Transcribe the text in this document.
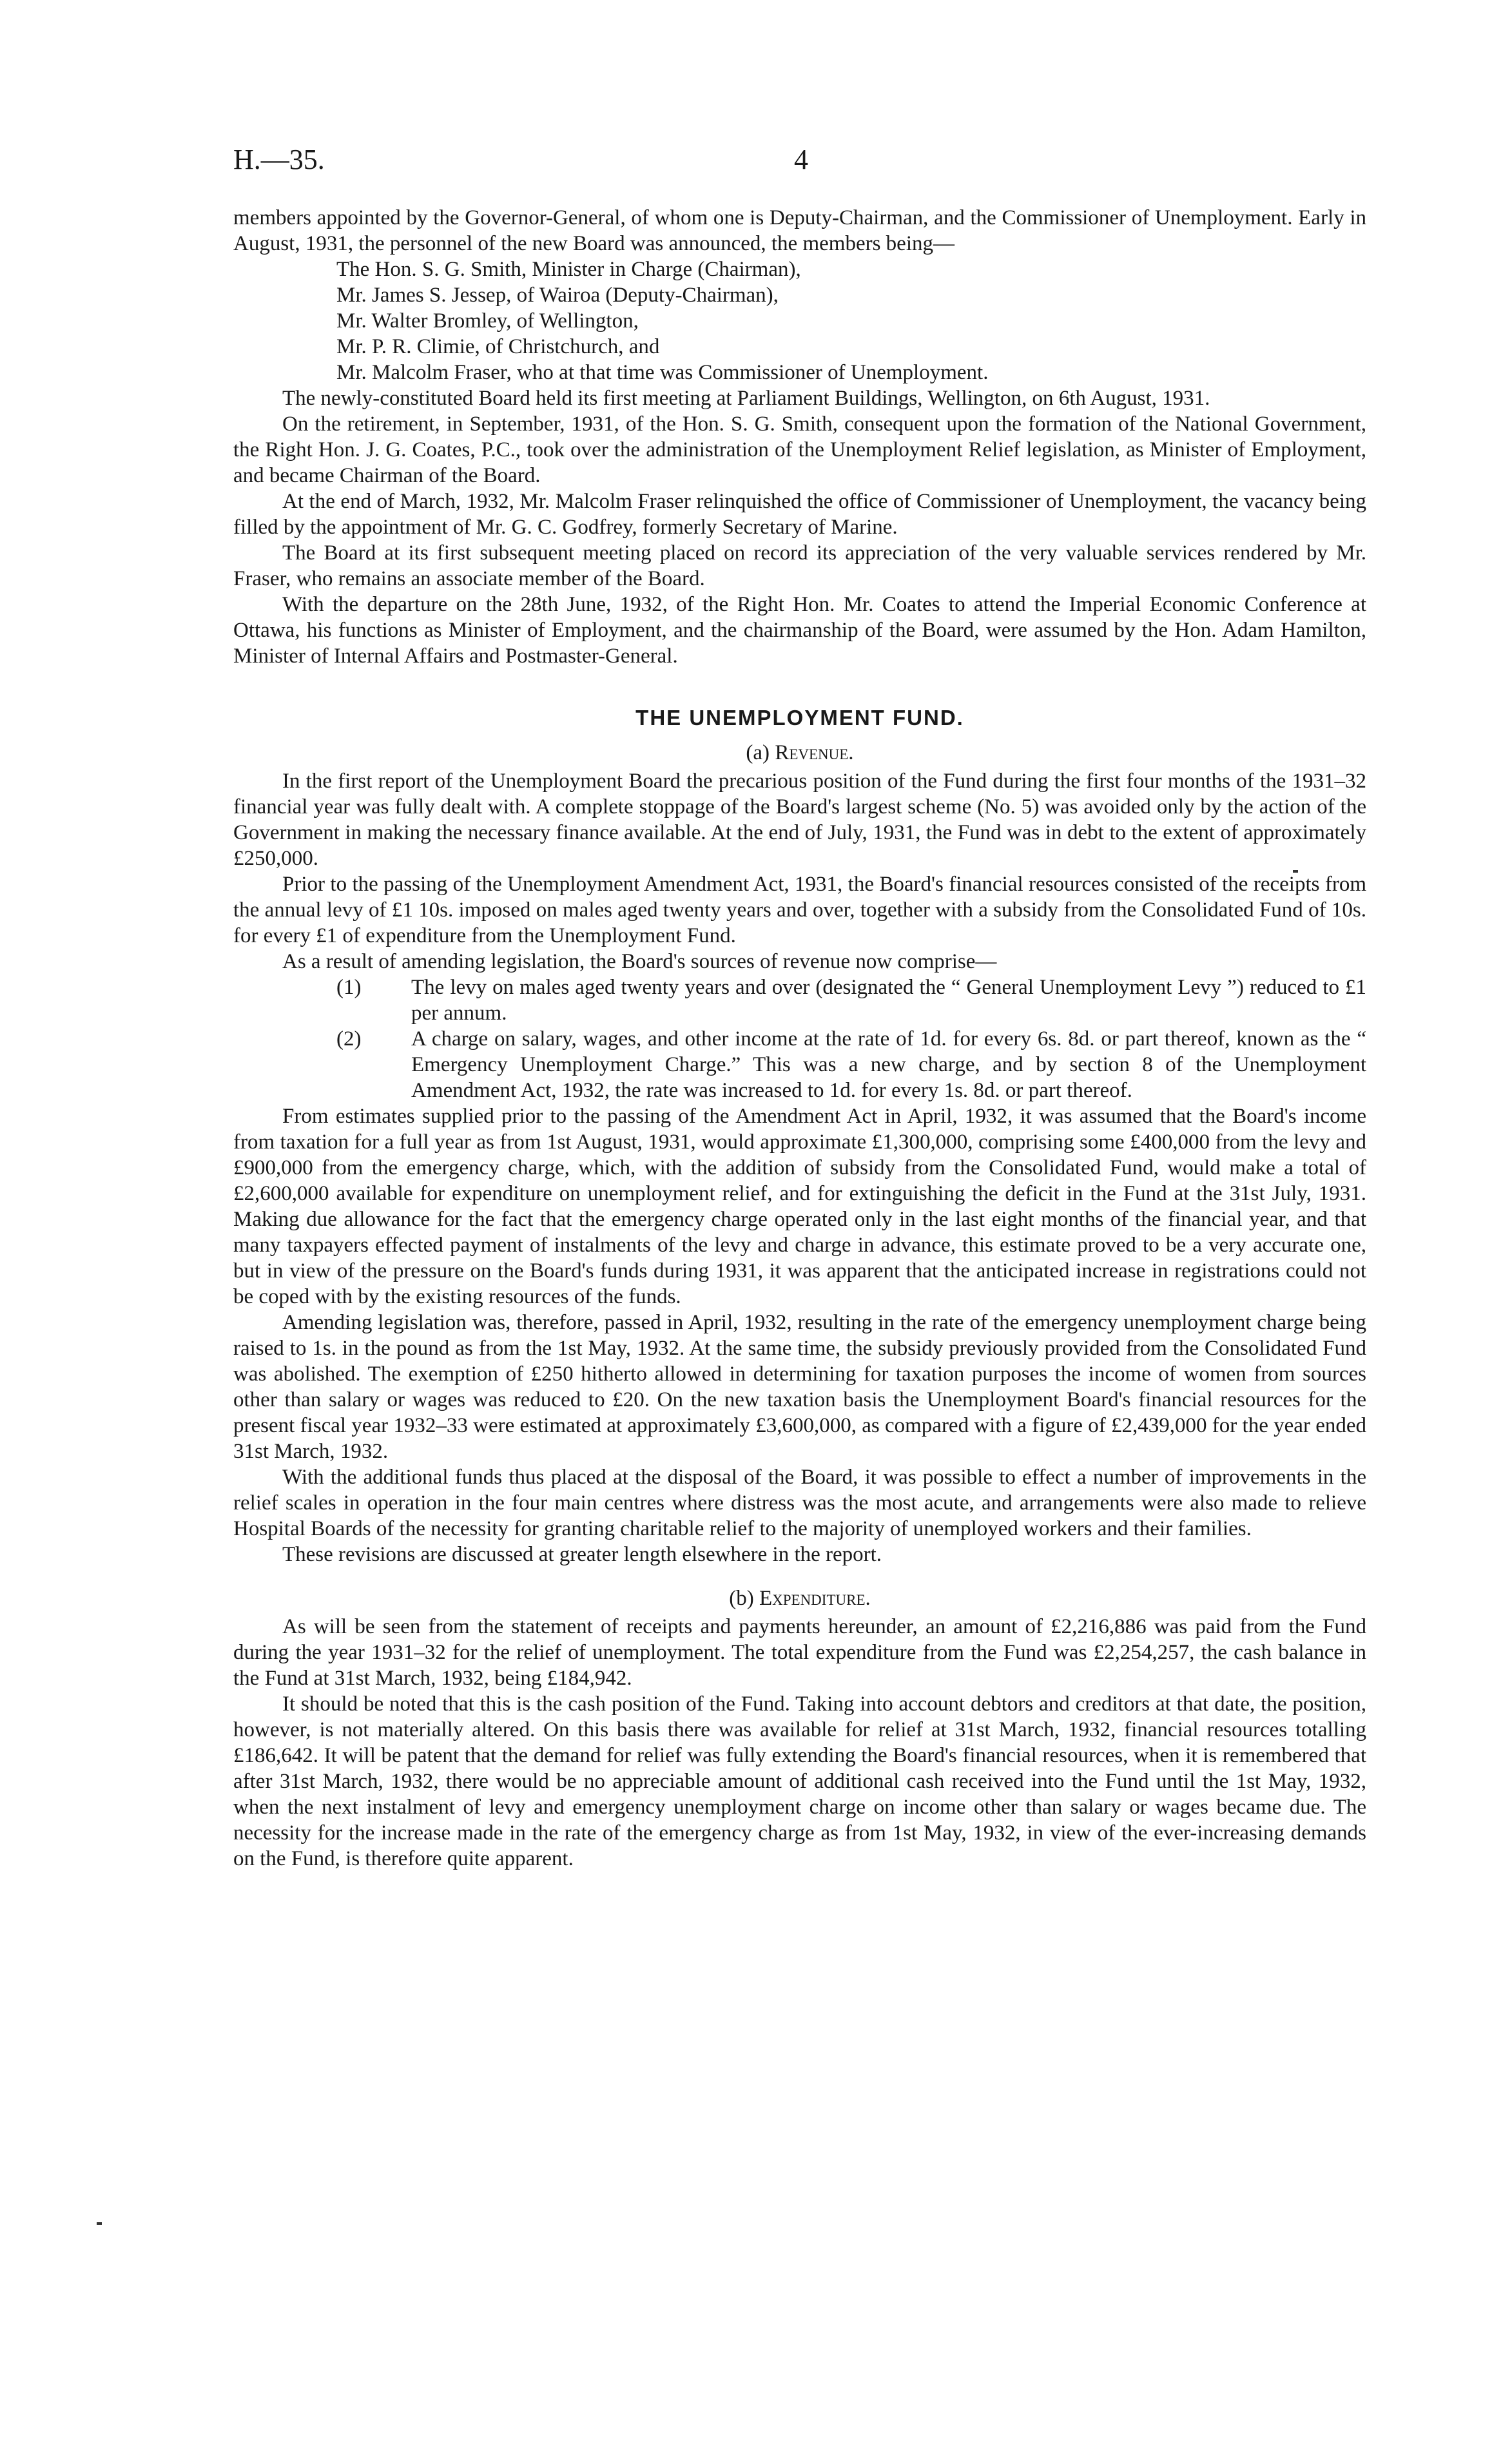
H.—35.	4

members appointed by the Governor-General, of whom one is Deputy-Chairman, and the Commissioner of Unemployment. Early in August, 1931, the personnel of the new Board was announced, the members being—

The Hon. S. G. Smith, Minister in Charge (Chairman),
Mr. James S. Jessep, of Wairoa (Deputy-Chairman),
Mr. Walter Bromley, of Wellington,
Mr. P. R. Climie, of Christchurch, and
Mr. Malcolm Fraser, who at that time was Commissioner of Unemployment.

The newly-constituted Board held its first meeting at Parliament Buildings, Wellington, on 6th August, 1931.

On the retirement, in September, 1931, of the Hon. S. G. Smith, consequent upon the formation of the National Government, the Right Hon. J. G. Coates, P.C., took over the administration of the Unemployment Relief legislation, as Minister of Employment, and became Chairman of the Board.

At the end of March, 1932, Mr. Malcolm Fraser relinquished the office of Commissioner of Unemployment, the vacancy being filled by the appointment of Mr. G. C. Godfrey, formerly Secretary of Marine.

The Board at its first subsequent meeting placed on record its appreciation of the very valuable services rendered by Mr. Fraser, who remains an associate member of the Board.

With the departure on the 28th June, 1932, of the Right Hon. Mr. Coates to attend the Imperial Economic Conference at Ottawa, his functions as Minister of Employment, and the chairmanship of the Board, were assumed by the Hon. Adam Hamilton, Minister of Internal Affairs and Postmaster-General.

THE UNEMPLOYMENT FUND.
(a) Revenue.

In the first report of the Unemployment Board the precarious position of the Fund during the first four months of the 1931–32 financial year was fully dealt with. A complete stoppage of the Board's largest scheme (No. 5) was avoided only by the action of the Government in making the necessary finance available. At the end of July, 1931, the Fund was in debt to the extent of approximately £250,000.

Prior to the passing of the Unemployment Amendment Act, 1931, the Board's financial resources consisted of the receipts from the annual levy of £1 10s. imposed on males aged twenty years and over, together with a subsidy from the Consolidated Fund of 10s. for every £1 of expenditure from the Unemployment Fund.

As a result of amending legislation, the Board's sources of revenue now comprise—

(1) The levy on males aged twenty years and over (designated the “ General Unemployment Levy ”) reduced to £1 per annum.
(2) A charge on salary, wages, and other income at the rate of 1d. for every 6s. 8d. or part thereof, known as the “ Emergency Unemployment Charge.” This was a new charge, and by section 8 of the Unemployment Amendment Act, 1932, the rate was increased to 1d. for every 1s. 8d. or part thereof.

From estimates supplied prior to the passing of the Amendment Act in April, 1932, it was assumed that the Board's income from taxation for a full year as from 1st August, 1931, would approximate £1,300,000, comprising some £400,000 from the levy and £900,000 from the emergency charge, which, with the addition of subsidy from the Consolidated Fund, would make a total of £2,600,000 available for expenditure on unemployment relief, and for extinguishing the deficit in the Fund at the 31st July, 1931. Making due allowance for the fact that the emergency charge operated only in the last eight months of the financial year, and that many taxpayers effected payment of instalments of the levy and charge in advance, this estimate proved to be a very accurate one, but in view of the pressure on the Board's funds during 1931, it was apparent that the anticipated increase in registrations could not be coped with by the existing resources of the funds.

Amending legislation was, therefore, passed in April, 1932, resulting in the rate of the emergency unemployment charge being raised to 1s. in the pound as from the 1st May, 1932. At the same time, the subsidy previously provided from the Consolidated Fund was abolished. The exemption of £250 hitherto allowed in determining for taxation purposes the income of women from sources other than salary or wages was reduced to £20. On the new taxation basis the Unemployment Board's financial resources for the present fiscal year 1932–33 were estimated at approximately £3,600,000, as compared with a figure of £2,439,000 for the year ended 31st March, 1932.

With the additional funds thus placed at the disposal of the Board, it was possible to effect a number of improvements in the relief scales in operation in the four main centres where distress was the most acute, and arrangements were also made to relieve Hospital Boards of the necessity for granting charitable relief to the majority of unemployed workers and their families.

These revisions are discussed at greater length elsewhere in the report.

(b) Expenditure.

As will be seen from the statement of receipts and payments hereunder, an amount of £2,216,886 was paid from the Fund during the year 1931–32 for the relief of unemployment. The total expenditure from the Fund was £2,254,257, the cash balance in the Fund at 31st March, 1932, being £184,942.

It should be noted that this is the cash position of the Fund. Taking into account debtors and creditors at that date, the position, however, is not materially altered. On this basis there was available for relief at 31st March, 1932, financial resources totalling £186,642. It will be patent that the demand for relief was fully extending the Board's financial resources, when it is remembered that after 31st March, 1932, there would be no appreciable amount of additional cash received into the Fund until the 1st May, 1932, when the next instalment of levy and emergency unemployment charge on income other than salary or wages became due. The necessity for the increase made in the rate of the emergency charge as from 1st May, 1932, in view of the ever-increasing demands on the Fund, is therefore quite apparent.
